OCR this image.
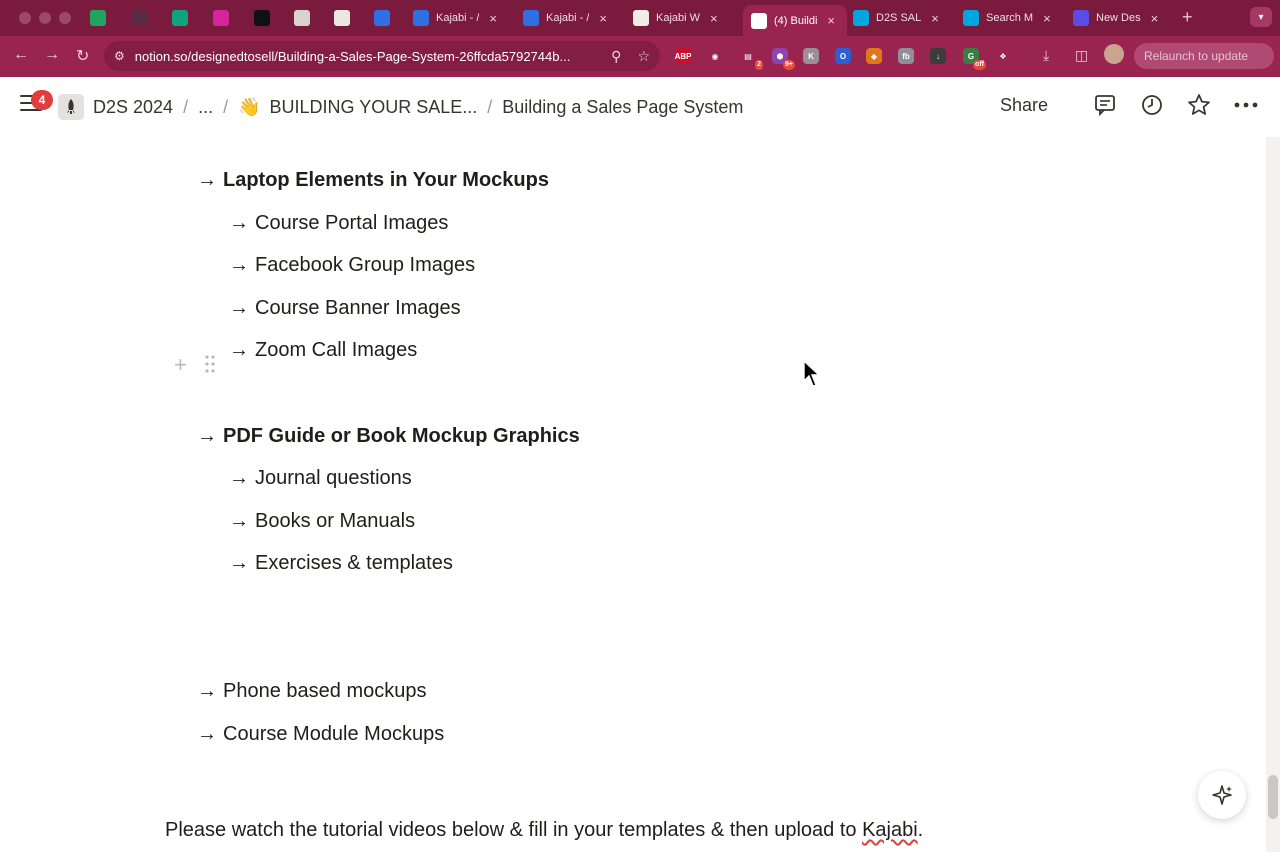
Kajabi - / ×	Kajabi - / ×	Kajabi W ×	(4) Buildi ×	D2S SAL ×	Search M ×	New Des × +	▾
← → ↻ ⚙ notion.so/designedtosell/Building-a-Sales-Page-System-26ffcda5792744b...	⚲ ☆	ABP	◉	▤
2
⬢
9+
K	O	◆	fb	↓	G
off
❖	⤓ ◫	Relaunch to update
4	D2S 2024 / ... / 👋 BUILDING YOUR SALE... / Building a Sales Page System	Share
+
→ Laptop Elements in Your Mockups
→ Course Portal Images
→ Facebook Group Images
→ Course Banner Images
→ Zoom Call Images
→ PDF Guide or Book Mockup Graphics
→ Journal questions
→ Books or Manuals
→ Exercises & templates
→ Phone based mockups
→ Course Module Mockups
Please watch the tutorial videos below & fill in your templates & then upload to Kajabi.
